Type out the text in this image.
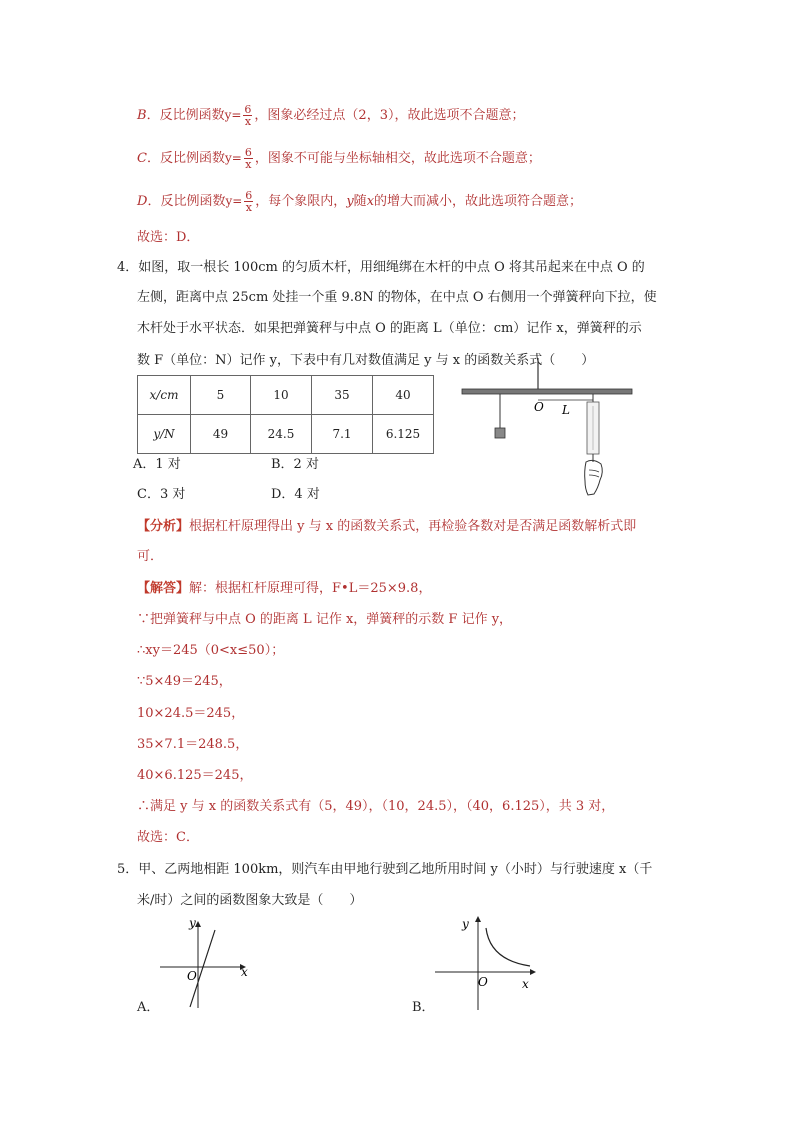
B．反比例函数$y= \frac{6}{x}$ ，图象必经过点（2，3），故此选项不合题意；
C．反比例函数$y= \frac{6}{x}$ ，图象不可能与坐标轴相交，故此选项不合题意；
D．反比例函数$y= \frac{6}{x}$ ，每个象限内，y随x的增大而减小，故此选项符合题意；
故选：D．
4．如图，取一根长 100cm 的匀质木杆，用细绳绑在木杆的中点 O 将其吊起来在中点 O 的
左侧，距离中点 25cm 处挂一个重 9.8N 的物体，在中点 O 右侧用一个弹簧秤向下拉，使
木杆处于水平状态．如果把弹簧秤与中点 O 的距离 L（单位：cm）记作 x，弹簧秤的示
数 F（单位：N）记作 y，下表中有几对数值满足 y 与 x 的函数关系式（　　）
x/cm	5	10	35	40
y/N	49	24.5	7.1	6.125
O L
A．1 对	B．2 对
C．3 对	D．4 对
【分析】根据杠杆原理得出 y 与 x 的函数关系式，再检验各数对是否满足函数解析式即
可．
【解答】解：根据杠杆原理可得，F•L＝25×9.8，
∵把弹簧秤与中点 O 的距离 L 记作 x，弹簧秤的示数 F 记作 y，
∴xy＝245（0<x≤50）；
∵5×49＝245，
10×24.5＝245，
35×7.1＝248.5，
40×6.125＝245，
∴满足 y 与 x 的函数关系式有（5，49），（10，24.5），（40，6.125），共 3 对，
故选：C．
5．甲、乙两地相距 100km，则汽车由甲地行驶到乙地所用时间 y（小时）与行驶速度 x（千
米/时）之间的函数图象大致是（　　）
y
x
O
A．
y
x
O
B．
